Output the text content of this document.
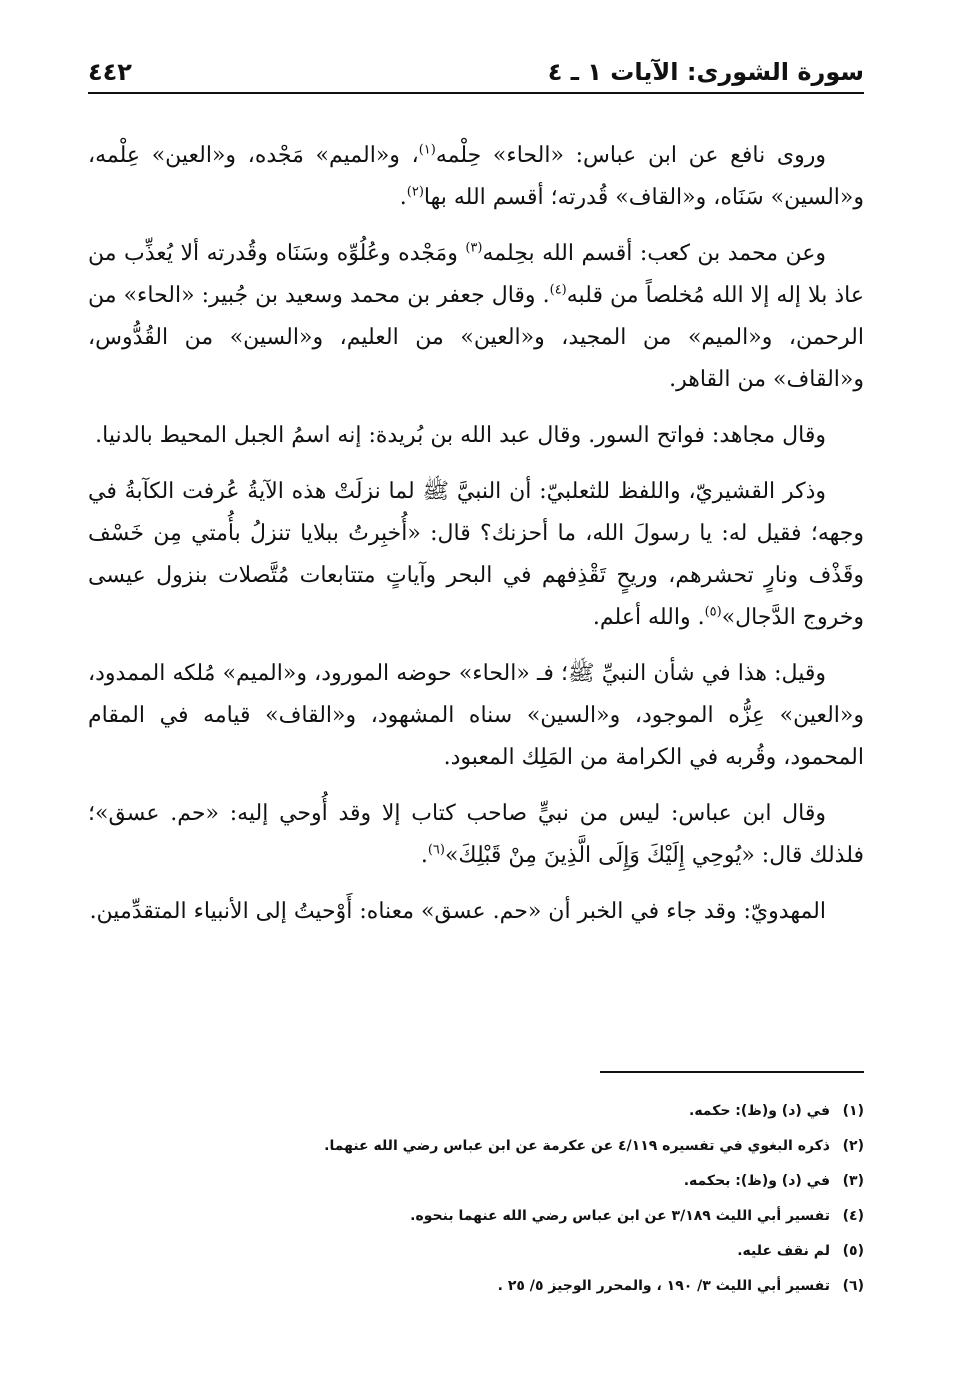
سورة الشورى: الآيات ١ ـ ٤
٤٤٢

وروى نافع عن ابن عباس: «الحاء» حِلْمه$^{(١)}$، و«الميم» مَجْده، و«العين» عِلْمه، و«السين» سَنَاه، و«القاف» قُدرته؛ أقسم الله بها$^{(٢)}$.

وعن محمد بن كعب: أقسم الله بحِلمه$^{(٣)}$ ومَجْده وعُلُوِّه وسَنَاه وقُدرته ألا يُعذِّب من عاذ بلا إله إلا الله مُخلصاً من قلبه$^{(٤)}$. وقال جعفر بن محمد وسعيد بن جُبير: «الحاء» من الرحمن، و«الميم» من المجيد، و«العين» من العليم، و«السين» من القُدُّوس، و«القاف» من القاهر.

وقال مجاهد: فواتح السور. وقال عبد الله بن بُريدة: إنه اسمُ الجبل المحيط بالدنيا.

وذكر القشيريّ، واللفظ للثعلبيّ: أن النبيَّ ﷺ لما نزلَتْ هذه الآيةُ عُرفت الكآبةُ في وجهه؛ فقيل له: يا رسولَ الله، ما أحزنك؟ قال: «أُخبِرتُ ببلايا تنزلُ بأُمتي مِن خَسْف وقَذْف ونارٍ تحشرهم، وريحٍ تَقْذِفهم في البحر وآياتٍ متتابعات مُتَّصلات بنزول عيسى وخروج الدَّجال»$^{(٥)}$. والله أعلم.

وقيل: هذا في شأن النبيِّ ﷺ؛ فـ «الحاء» حوضه المورود، و«الميم» مُلكه الممدود، و«العين» عِزُّه الموجود، و«السين» سناه المشهود، و«القاف» قيامه في المقام المحمود، وقُربه في الكرامة من المَلِك المعبود.

وقال ابن عباس: ليس من نبيٍّ صاحب كتاب إلا وقد أُوحي إليه: «حم. عسق»؛ فلذلك قال: «يُوحِي إِلَيْكَ وَإِلَى الَّذِينَ مِنْ قَبْلِكَ»$^{(٦)}$.

المهدويّ: وقد جاء في الخبر أن «حم. عسق» معناه: أَوْحيتُ إلى الأنبياء المتقدِّمين.

(١)في (د) و(ظ): حكمه.
(٢)ذكره البغوي في تفسيره ٤/١١٩ عن عكرمة عن ابن عباس رضي الله عنهما.
(٣)في (د) و(ظ): بحكمه.
(٤)تفسير أبي الليث ٣/١٨٩ عن ابن عباس رضي الله عنهما بنحوه.
(٥)لم نقف عليه.
(٦)تفسير أبي الليث ٣/ ١٩٠ ، والمحرر الوجيز ٥/ ٢٥ .
